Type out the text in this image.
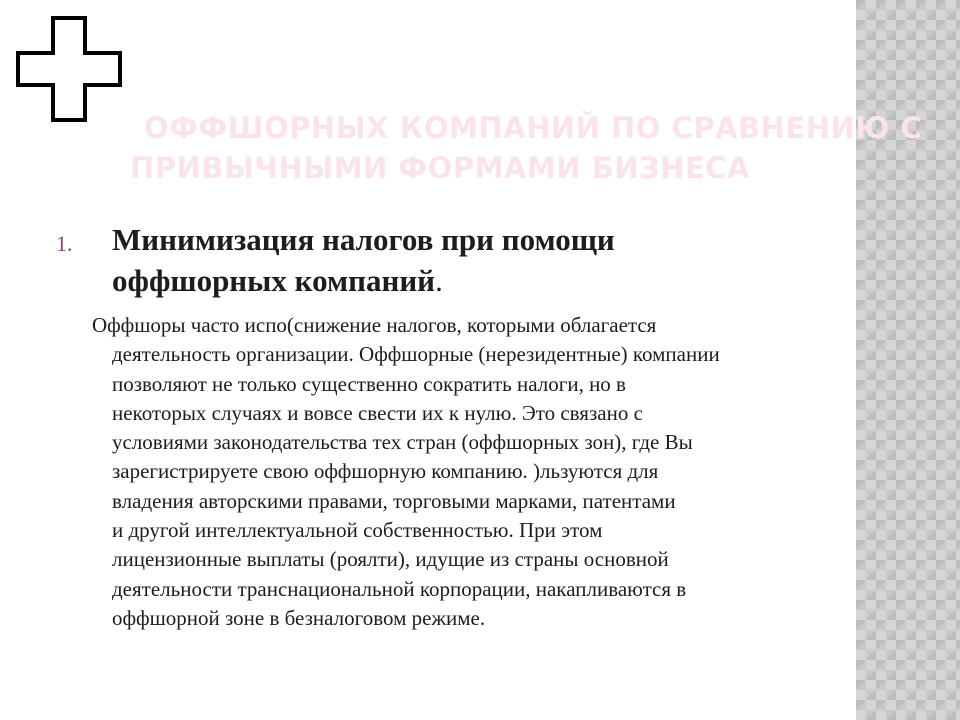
ОФФШОРНЫХ КОМПАНИЙ ПО СРАВНЕНИЮ С
ПРИВЫЧНЫМИ ФОРМАМИ БИЗНЕСА
1. Минимизация налогов при помощи
оффшорных компаний.

Оффшоры часто испо(снижение налогов, которыми облагается
деятельность организации. Оффшорные (нерезидентные) компании
позволяют не только существенно сократить налоги, но в
некоторых случаях и вовсе свести их к нулю. Это связано с
условиями законодательства тех стран (оффшорных зон), где Вы
зарегистрируете свою оффшорную компанию. )льзуются для
владения авторскими правами, торговыми марками, патентами
и другой интеллектуальной собственностью. При этом
лицензионные выплаты (роялти), идущие из страны основной
деятельности транснациональной корпорации, накапливаются в
оффшорной зоне в безналоговом режиме.
